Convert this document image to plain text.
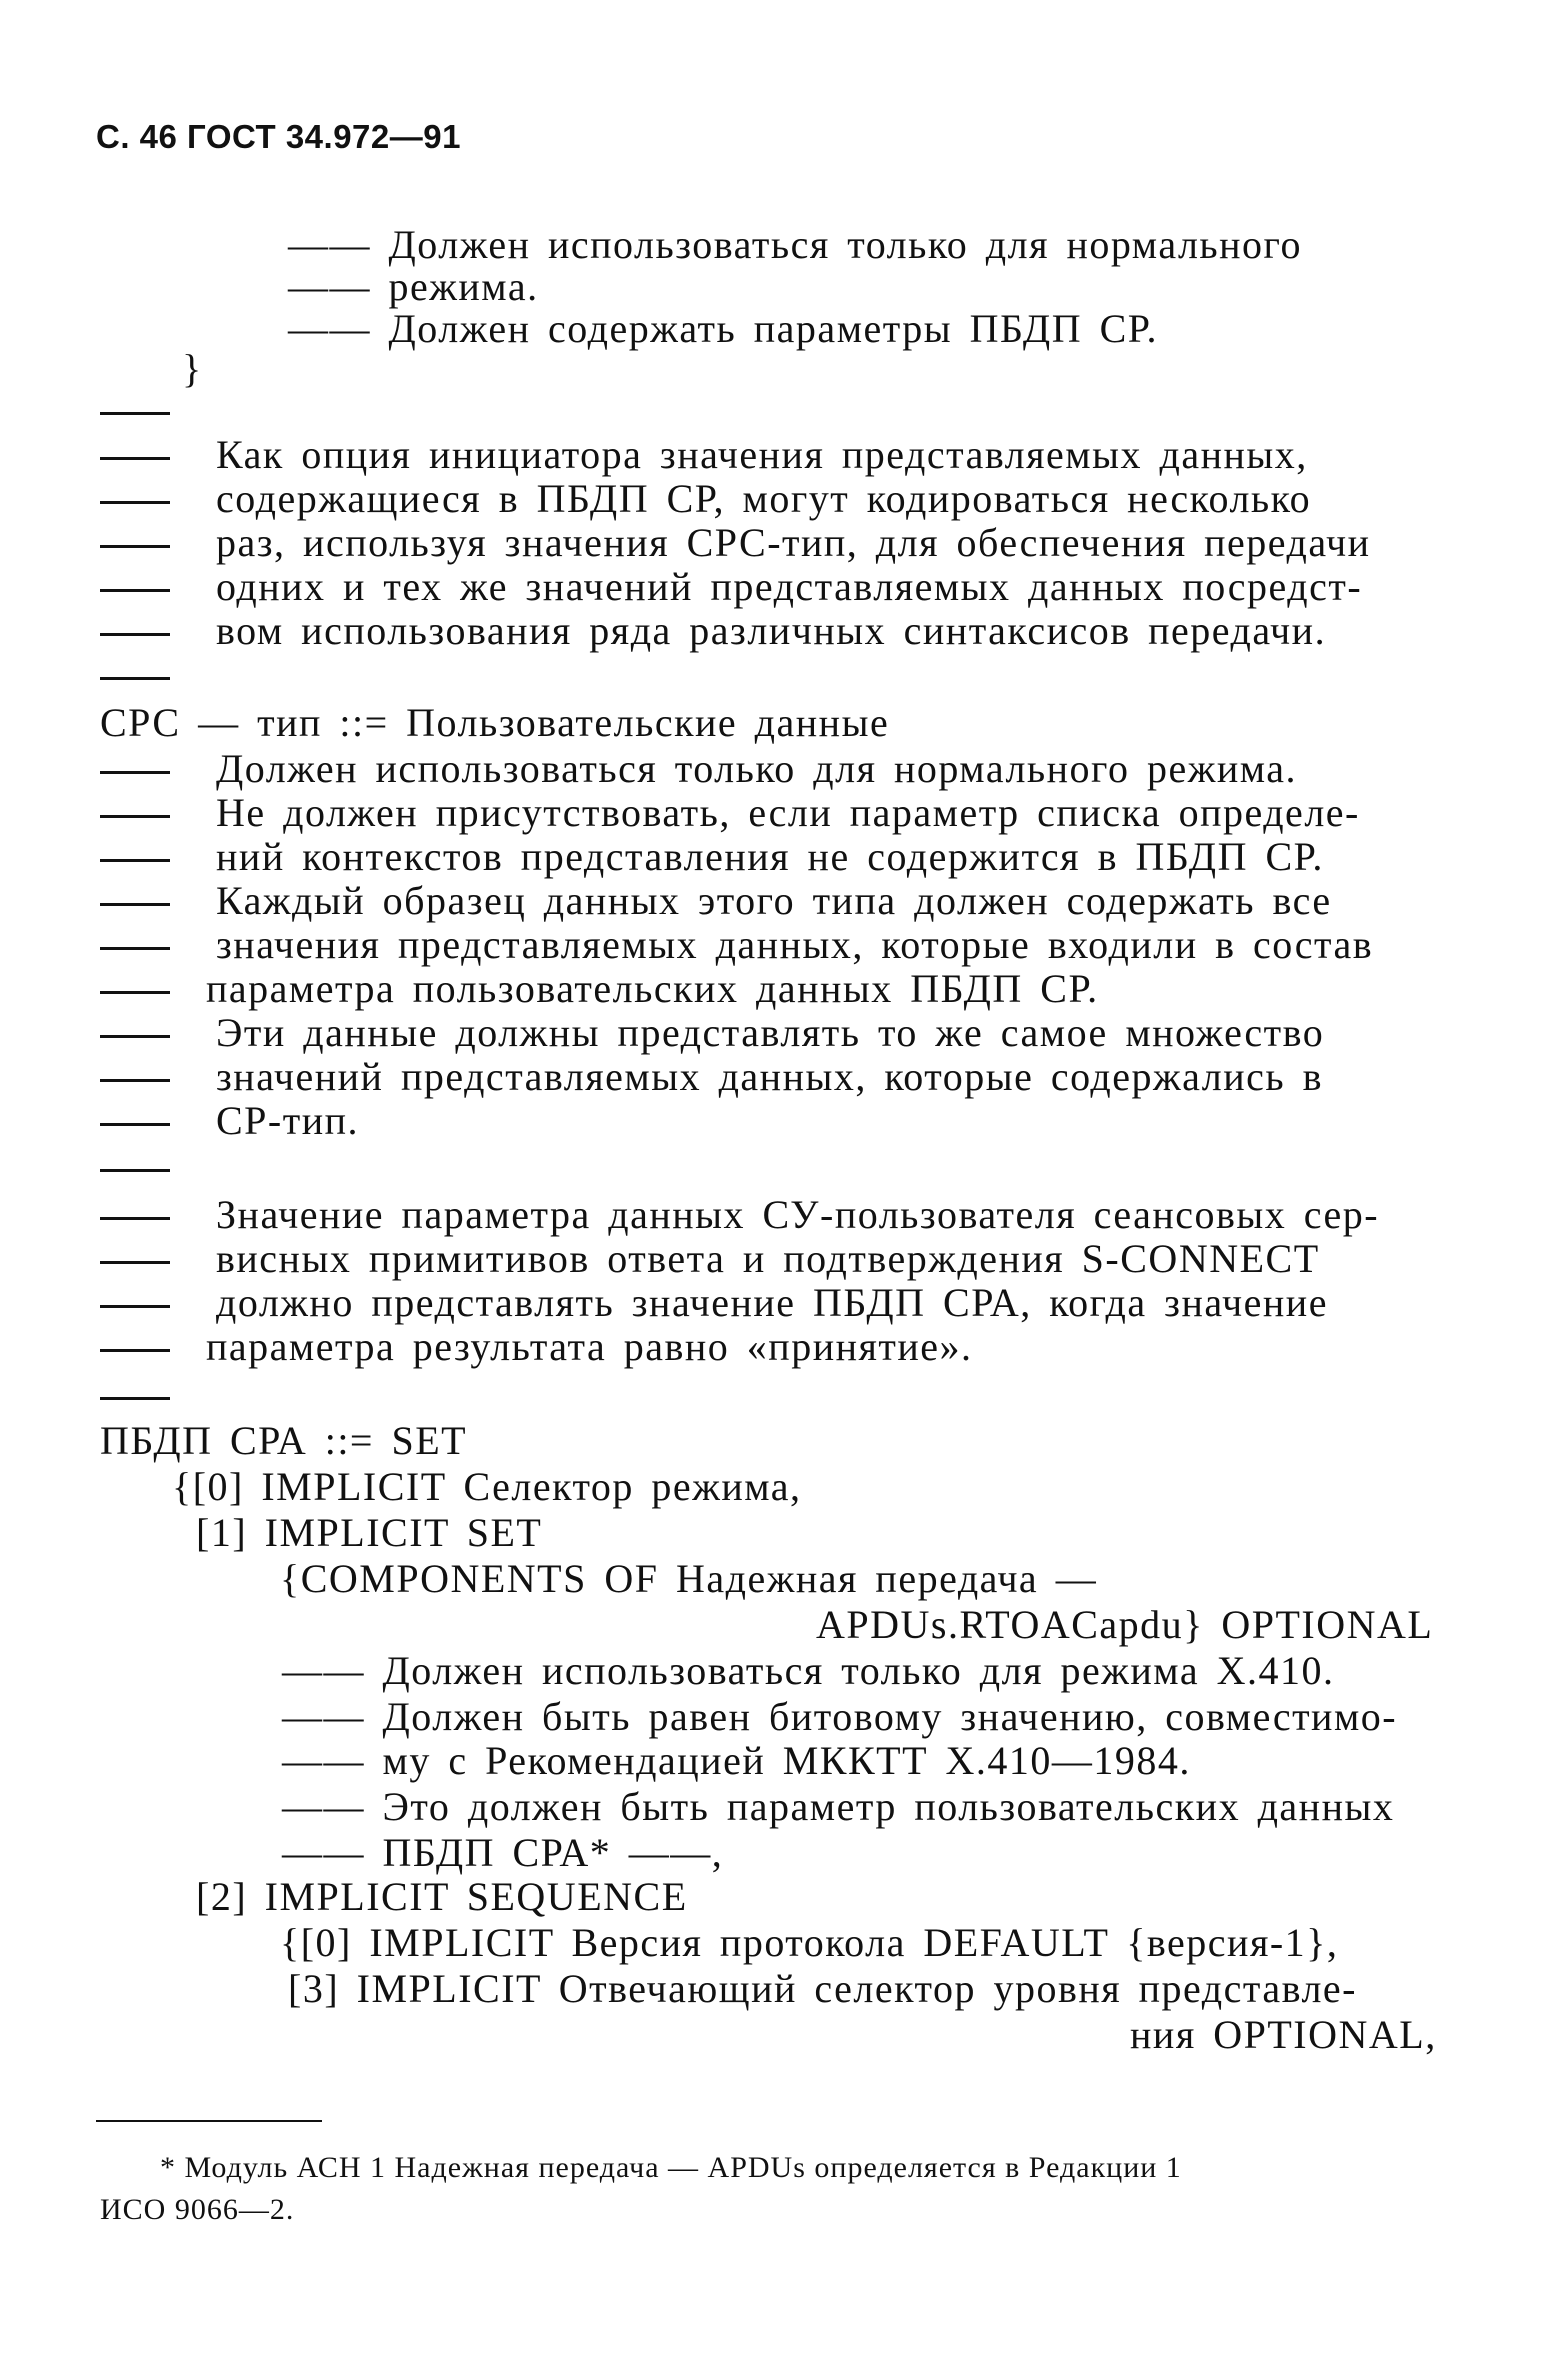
С. 46 ГОСТ 34.972—91
—— Должен использоваться только для нормального
—— режима.
—— Должен содержать параметры ПБДП СР.
}
Как опция инициатора значения представляемых данных,
содержащиеся в ПБДП СР, могут кодироваться несколько
раз, используя значения СРС-тип, для обеспечения передачи
одних и тех же значений представляемых данных посредст-
вом использования ряда различных синтаксисов передачи.
СРС — тип ::= Пользовательские данные
Должен использоваться только для нормального режима.
Не должен присутствовать, если параметр списка определе-
ний контекстов представления не содержится в ПБДП СР.
Каждый образец данных этого типа должен содержать все
значения представляемых данных, которые входили в состав
параметра пользовательских данных ПБДП СР.
Эти данные должны представлять то же самое множество
значений представляемых данных, которые содержались в
СР-тип.
Значение параметра данных СУ-пользователя сеансовых сер-
висных примитивов ответа и подтверждения S-CONNECT
должно представлять значение ПБДП СРА, когда значение
параметра результата равно «принятие».
ПБДП СРА ::= SET
{[0] IMPLICIT Селектор режима,
[1] IMPLICIT SET
{COMPONENTS OF Надежная передача —
APDUs.RTOACapdu} OPTIONAL
—— Должен использоваться только для режима Х.410.
—— Должен быть равен битовому значению, совместимо-
—— му с Рекомендацией МККТТ Х.410—1984.
—— Это должен быть параметр пользовательских данных
—— ПБДП СРА* ——,
[2] IMPLICIT SEQUENCE
{[0] IMPLICIT Версия протокола DEFAULT {версия-1},
[3] IMPLICIT Отвечающий селектор уровня представле-
ния OPTIONAL,
* Модуль АСН 1 Надежная передача — APDUs определяется в Редакции 1
ИСО 9066—2.
